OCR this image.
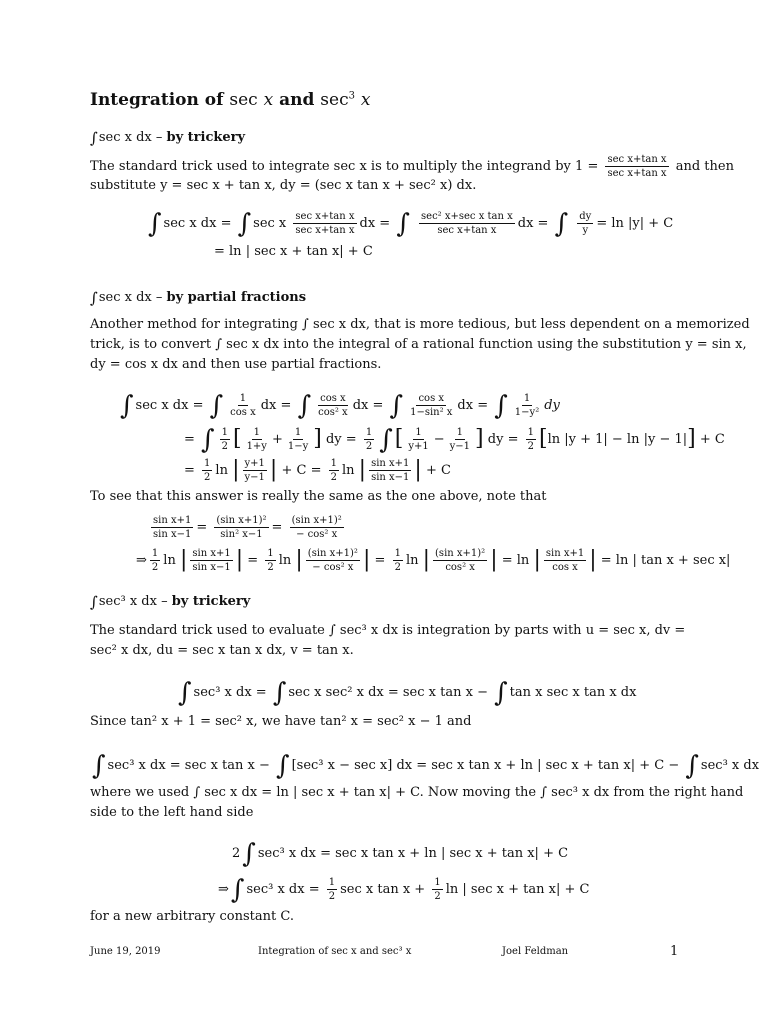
Integration of sec x and $\sec^3 x$
∫sec x dx – by trickery
The standard trick used to integrate sec x is to multiply the integrand by $1 = \frac{\text{sec x+tan x}}{\text{sec x+tan x}}$ and then
substitute y = sec x + tan x, dy = (sec x tan x + sec² x) dx.
∫ sec x dx = ∫ sec x $\frac{\text{sec x+tan x}}{\text{sec x+tan x}}$ dx = ∫ $\frac{\text{sec² x+sec x tan x}}{\text{sec x+tan x}}$ dx = ∫ $\frac{dy}{y} = \ln |y| + C$
= ln | sec x + tan x| + C
∫sec x dx – by partial fractions
Another method for integrating ∫ sec x dx, that is more tedious, but less dependent on a memorized
trick, is to convert ∫ sec x dx into the integral of a rational function using the substitution y = sin x,
dy = cos x dx and then use partial fractions.
∫ sec x dx = ∫ $\frac{1}{\text{cos x}}$ dx = ∫ $\frac{\text{cos x}}{\text{cos² x}}$ dx = ∫ $\frac{\text{cos x}}{\text{1−sin² x}}$ dx = ∫ $\frac{1}{\text{1−y²}}$ dy
= ∫ $\frac{1}{2}$ [ $\frac{1}{1+y} + \frac{1}{1-y}$ ] dy = $\frac{1}{2}$ ∫[ $\frac{1}{y+1} - \frac{1}{y-1}$ ] dy = $\frac{1}{2} [\ln$ |y + 1| − ln |y − 1|] + C
= $\frac{1}{2}$ ln | $\frac{y+1}{y-1}$ | + $C = \frac{1}{2}$ ln | $\frac{\text{sin x+1}}{\text{sin x−1}}$ | + C
To see that this answer is really the same as the one above, note that
$\frac{\text{sin x+1}}{\text{sin x−1}} = \frac{\text{(sin x+1)²}}{\text{sin² x−1}} = \frac{\text{(sin x+1)²}}{\text{− cos² x}}$
⇒ $\frac{1}{2}$ ln | $\frac{\text{sin x+1}}{\text{sin x−1}}$ | = $\frac{1}{2}$ ln | $\frac{\text{(sin x+1)²}}{\text{− cos² x}}$ | = $\frac{1}{2}$ ln | $\frac{\text{(sin x+1)²}}{\text{cos² x}}$ | = ln | $\frac{\text{sin x+1}}{\text{cos x}}$ | = ln | tan x + sec x|
∫sec³ x dx – by trickery
The standard trick used to evaluate ∫ sec³ x dx is integration by parts with u = sec x, dv =
sec² x dx, du = sec x tan x dx, v = tan x.
∫ sec³ x dx = ∫ sec x sec² x dx = sec x tan x − ∫ tan x sec x tan x dx
Since tan² x + 1 = sec² x, we have tan² x = sec² x − 1 and
∫ sec³ x dx = sec x tan x − ∫ [sec³ x − sec x] dx = sec x tan x + ln | sec x + tan x| + C − ∫ sec³ x dx
where we used ∫ sec x dx = ln | sec x + tan x| + C. Now moving the ∫ sec³ x dx from the right hand
side to the left hand side
2∫ sec³ x dx = sec x tan x + ln | sec x + tan x| + C
⇒∫ sec³ x dx = $\frac{1}{2}$ sec x $\tan x + \frac{1}{2}$ ln | sec x + tan x| + C
for a new arbitrary constant C.
June 19, 2019	Integration of sec x and sec³ x	Joel Feldman	1
